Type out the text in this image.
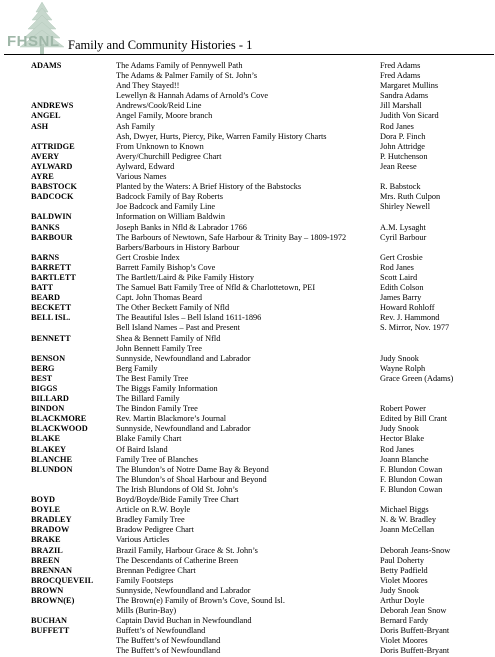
FHSNL Family and Community Histories - 1
ADAMS	The Adams Family of Pennywell Path	Fred Adams
The Adams & Palmer Family of St. John’s	Fred Adams
And They Stayed!!	Margaret Mullins
Lewellyn & Hannah Adams of Arnold’s Cove	Sandra Adams
ANDREWS	Andrews/Cook/Reid Line	Jill Marshall
ANGEL	Angel Family, Moore branch	Judith Von Sicard
ASH	Ash Family	Rod Janes
Ash, Dwyer, Hurts, Piercy, Pike, Warren Family History Charts	Dora P. Finch
ATTRIDGE	From Unknown to Known	John Attridge
AVERY	Avery/Churchill Pedigree Chart	P. Hutchenson
AYLWARD	Aylward, Edward	Jean Reese
AYRE	Various Names
BABSTOCK	Planted by the Waters: A Brief History of the Babstocks	R. Babstock
BADCOCK	Badcock Family of Bay Roberts	Mrs. Ruth Culpon
Joe Badcock and Family Line	Shirley Newell
BALDWIN	Information on William Baldwin
BANKS	Joseph Banks in Nfld & Labrador 1766	A.M. Lysaght
BARBOUR	The Barbours of Newtown, Safe Harbour & Trinity Bay – 1809-1972	Cyril Barbour
Barbers/Barbours in History Barbour
BARNS	Gert Crosbie Index	Gert Crosbie
BARRETT	Barrett Family Bishop’s Cove	Rod Janes
BARTLETT	The Bartlett/Laird & Pike Family History	Scott Laird
BATT	The Samuel Batt Family Tree of Nfld & Charlottetown, PEI	Edith Colson
BEARD	Capt. John Thomas Beard	James Barry
BECKETT	The Other Beckett Family of Nfld	Howard Rohloff
BELL ISL.	The Beautiful Isles – Bell Island 1611-1896	Rev. J. Hammond
Bell Island Names – Past and Present	S. Mirror, Nov. 1977
BENNETT	Shea & Bennett Family of Nfld
John Bennett Family Tree
BENSON	Sunnyside, Newfoundland and Labrador	Judy Snook
BERG	Berg Family	Wayne Rolph
BEST	The Best Family Tree	Grace Green (Adams)
BIGGS	The Biggs Family Information
BILLARD	The Billard Family
BINDON	The Bindon Family Tree	Robert Power
BLACKMORE	Rev. Martin Blackmore’s Journal	Edited by Bill Crant
BLACKWOOD	Sunnyside, Newfoundland and Labrador	Judy Snook
BLAKE	Blake Family Chart	Hector Blake
BLAKEY	Of Baird Island	Rod Janes
BLANCHE	Family Tree of Blanches	Joann Blanche
BLUNDON	The Blundon’s of Notre Dame Bay & Beyond	F. Blundon Cowan
The Blundon’s of Shoal Harbour and Beyond	F. Blundon Cowan
The Irish Blundons of Old St. John’s	F. Blundon Cowan
BOYD	Boyd/Boyde/Bide Family Tree Chart
BOYLE	Article on R.W. Boyle	Michael Biggs
BRADLEY	Bradley Family Tree	N. & W. Bradley
BRADOW	Bradow Pedigree Chart	Joann McCellan
BRAKE	Various Articles
BRAZIL	Brazil Family, Harbour Grace & St. John’s	Deborah Jeans-Snow
BREEN	The Descendants of Catherine Breen	Paul Doherty
BRENNAN	Brennan Pedigree Chart	Betty Padfield
BROCQUEVEIL	Family Footsteps	Violet Moores
BROWN	Sunnyside, Newfoundland and Labrador	Judy Snook
BROWN(E)	The Brown(e) Family of Brown’s Cove, Sound Isl.	Arthur Doyle
Mills (Burin-Bay)	Deborah Jean Snow
BUCHAN	Captain David Buchan in Newfoundland	Bernard Fardy
BUFFETT	Buffett’s of Newfoundland	Doris Buffett-Bryant
The Buffett’s of Newfoundland	Violet Moores
The Buffett’s of Newfoundland	Doris Buffett-Bryant
